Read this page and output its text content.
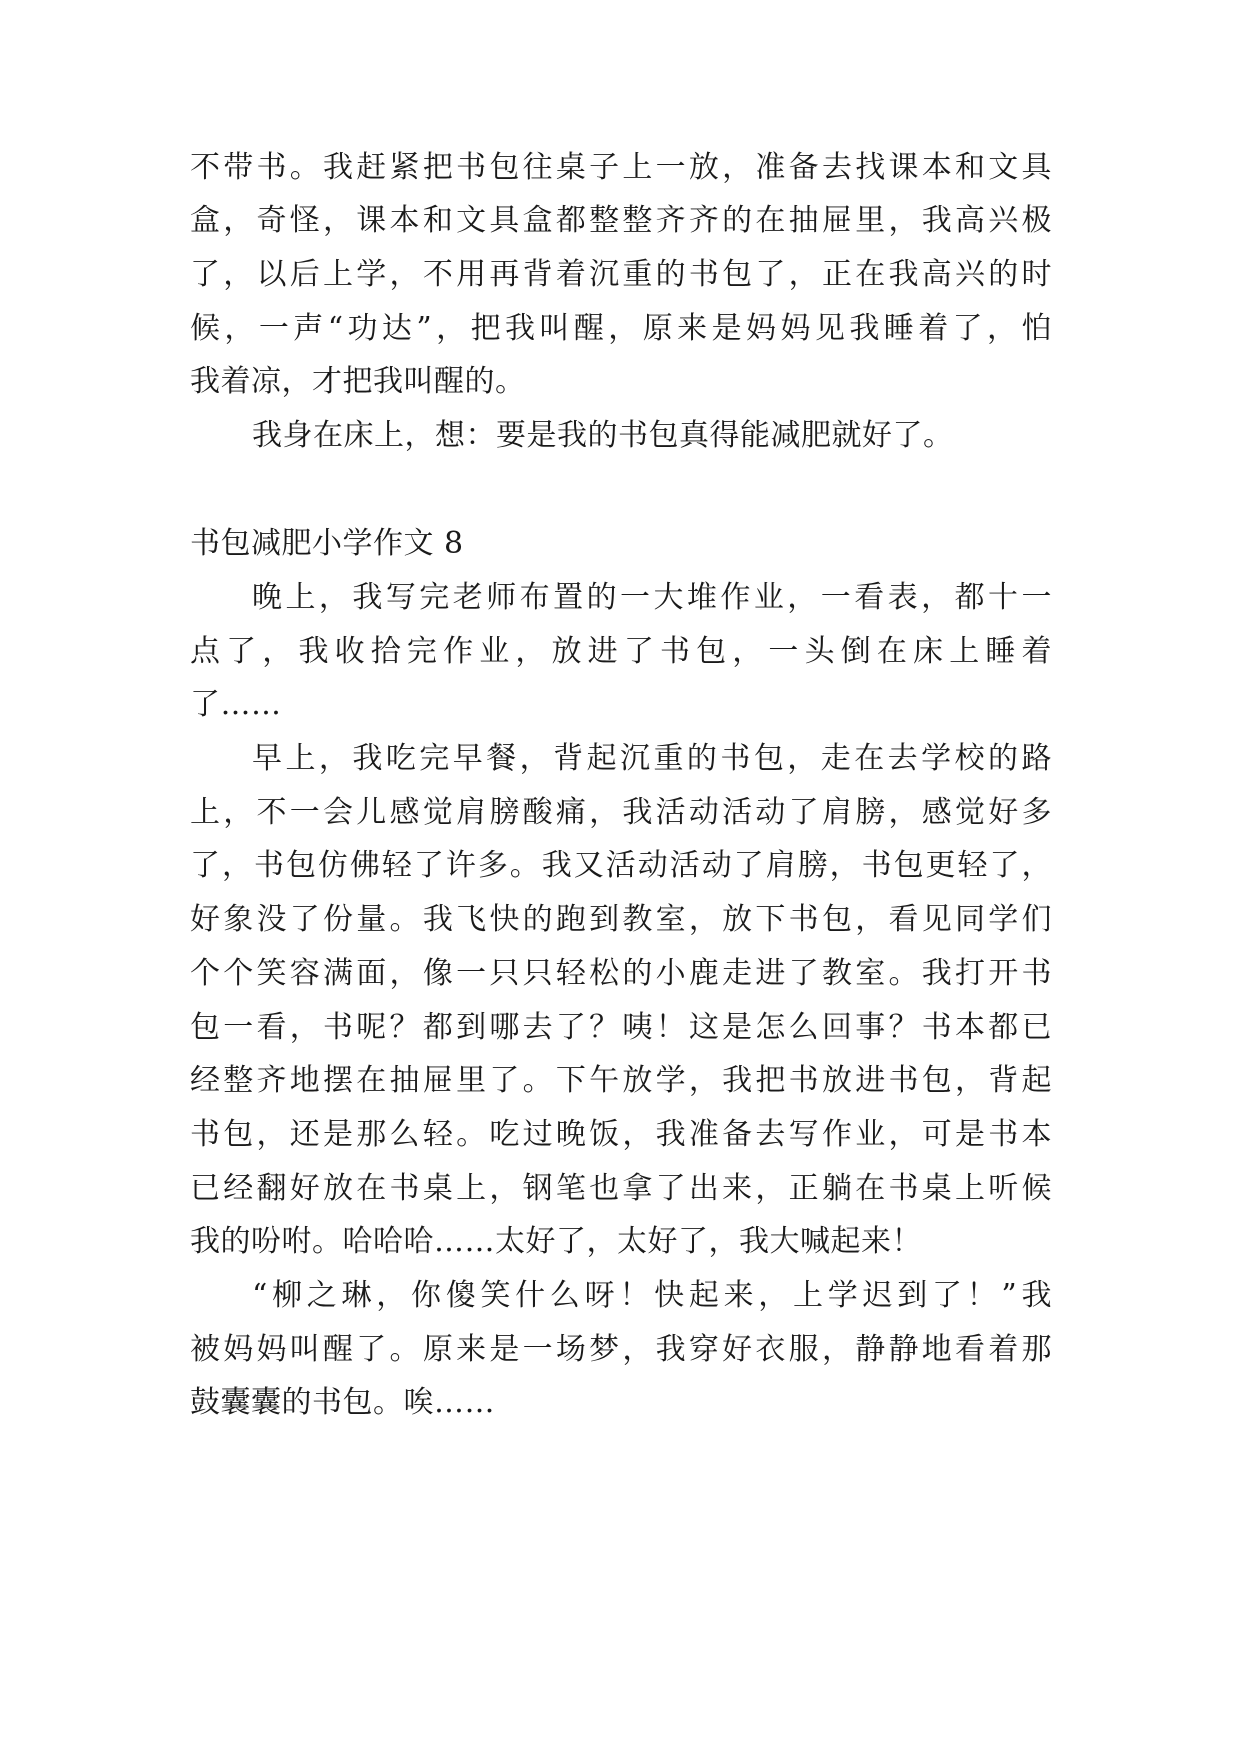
不带书。我赶紧把书包往桌子上一放，准备去找课本和文具
盒，奇怪，课本和文具盒都整整齐齐的在抽屉里，我高兴极
了，以后上学，不用再背着沉重的书包了，正在我高兴的时
候，一声“功达”，把我叫醒，原来是妈妈见我睡着了，怕
我着凉，才把我叫醒的。
我身在床上，想：要是我的书包真得能减肥就好了。
书包减肥小学作文 8
晚上，我写完老师布置的一大堆作业，一看表，都十一
点了，我收拾完作业，放进了书包，一头倒在床上睡着
了……
早上，我吃完早餐，背起沉重的书包，走在去学校的路
上，不一会儿感觉肩膀酸痛，我活动活动了肩膀，感觉好多
了，书包仿佛轻了许多。我又活动活动了肩膀，书包更轻了，
好象没了份量。我飞快的跑到教室，放下书包，看见同学们
个个笑容满面，像一只只轻松的小鹿走进了教室。我打开书
包一看，书呢？都到哪去了？咦！这是怎么回事？书本都已
经整齐地摆在抽屉里了。下午放学，我把书放进书包，背起
书包，还是那么轻。吃过晚饭，我准备去写作业，可是书本
已经翻好放在书桌上，钢笔也拿了出来，正躺在书桌上听候
我的吩咐。哈哈哈……太好了，太好了，我大喊起来！
“柳之琳，你傻笑什么呀！快起来，上学迟到了！”我
被妈妈叫醒了。原来是一场梦，我穿好衣服，静静地看着那
鼓囊囊的书包。唉……
